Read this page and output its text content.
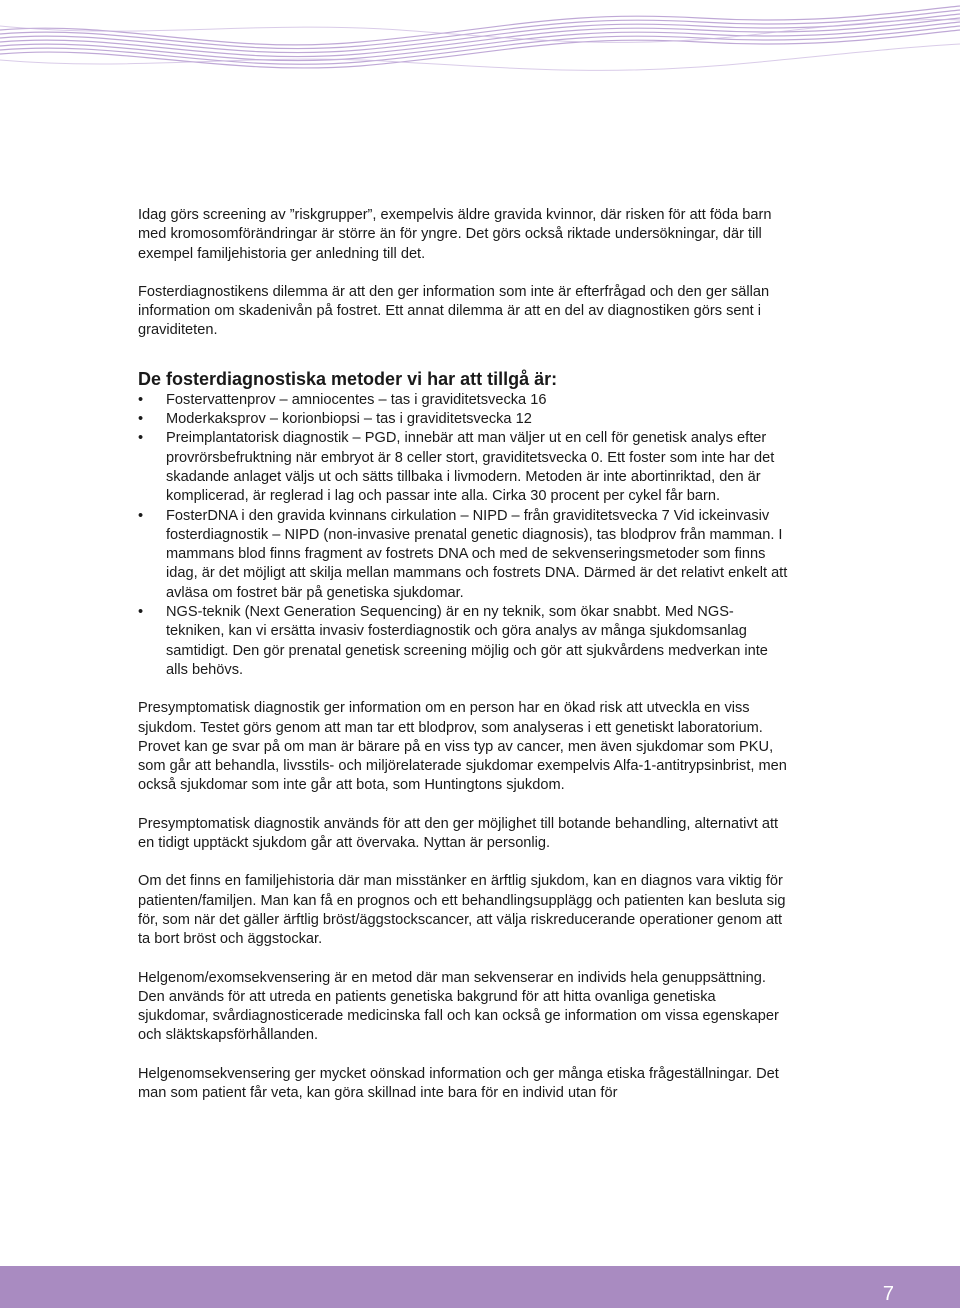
Idag görs screening av ”riskgrupper”, exempelvis äldre gravida kvinnor, där risken för att föda barn med kromosomförändringar är större än för yngre. Det görs också riktade undersökningar, där till exempel familjehistoria ger anledning till det.

Fosterdiagnostikens dilemma är att den ger information som inte är efterfrågad och den ger sällan information om skadenivån på fostret. Ett annat dilemma är att en del av diagnostiken görs sent i graviditeten.

De fosterdiagnostiska metoder vi har att tillgå är:
• Fostervattenprov – amniocentes – tas i graviditetsvecka 16
• Moderkaksprov – korionbiopsi – tas i graviditetsvecka 12
• Preimplantatorisk diagnostik – PGD, innebär att man väljer ut en cell för genetisk analys efter provrörsbefruktning när embryot är 8 celler stort, graviditetsvecka 0. Ett foster som inte har det skadande anlaget väljs ut och sätts tillbaka i livmodern. Metoden är inte abortinriktad, den är komplicerad, är reglerad i lag och passar inte alla. Cirka 30 procent per cykel får barn.
• FosterDNA i den gravida kvinnans cirkulation – NIPD – från graviditetsvecka 7 Vid ickeinvasiv fosterdiagnostik – NIPD (non-invasive prenatal genetic diagnosis), tas blodprov från mamman. I mammans blod finns fragment av fostrets DNA och med de sekvenseringsmetoder som finns idag, är det möjligt att skilja mellan mammans och fostrets DNA. Därmed är det relativt enkelt att avläsa om fostret bär på genetiska sjukdomar.
• NGS-teknik (Next Generation Sequencing) är en ny teknik, som ökar snabbt. Med NGS-tekniken, kan vi ersätta invasiv fosterdiagnostik och göra analys av många sjukdomsanlag samtidigt. Den gör prenatal genetisk screening möjlig och gör att sjukvårdens medverkan inte alls behövs.

Presymptomatisk diagnostik ger information om en person har en ökad risk att utveckla en viss sjukdom. Testet görs genom att man tar ett blodprov, som analyseras i ett genetiskt laboratorium. Provet kan ge svar på om man är bärare på en viss typ av cancer, men även sjukdomar som PKU, som går att behandla, livsstils- och miljörelaterade sjukdomar exempelvis Alfa-1-antitrypsinbrist, men också sjukdomar som inte går att bota, som Huntingtons sjukdom.

Presymptomatisk diagnostik används för att den ger möjlighet till botande behandling, alternativt att en tidigt upptäckt sjukdom går att övervaka. Nyttan är personlig.

Om det finns en familjehistoria där man misstänker en ärftlig sjukdom, kan en diagnos vara viktig för patienten/familjen. Man kan få en prognos och ett behandlingsupplägg och patienten kan besluta sig för, som när det gäller ärftlig bröst/äggstockscancer, att välja riskreducerande operationer genom att ta bort bröst och äggstockar.

Helgenom/exomsekvensering är en metod där man sekvenserar en individs hela genuppsättning. Den används för att utreda en patients genetiska bakgrund för att hitta ovanliga genetiska sjukdomar, svårdiagnosticerade medicinska fall och kan också ge information om vissa egenskaper och släktskapsförhållanden.

Helgenomsekvensering ger mycket oönskad information och ger många etiska frågeställningar. Det man som patient får veta, kan göra skillnad inte bara för en individ utan för

7
